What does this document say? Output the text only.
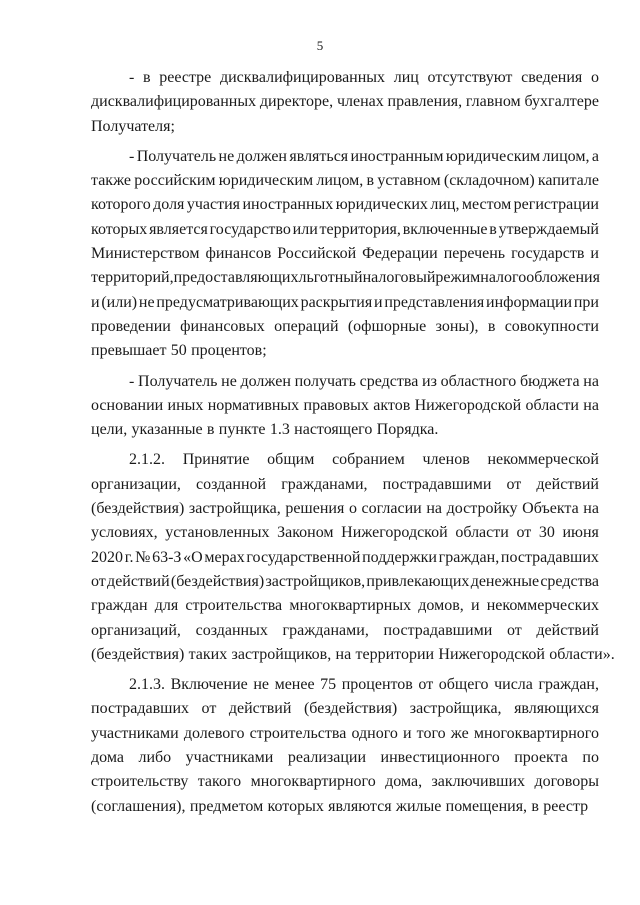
5
- в реестре дисквалифицированных лиц отсутствуют сведения о
дисквалифицированных директоре, членах правления, главном бухгалтере
Получателя;
- Получатель не должен являться иностранным юридическим лицом, а
также российским юридическим лицом, в уставном (складочном) капитале
которого доля участия иностранных юридических лиц, местом регистрации
которых является государство или территория, включенные в утверждаемый
Министерством финансов Российской Федерации перечень государств и
территорий, предоставляющих льготный налоговый режим налогообложения
и (или) не предусматривающих раскрытия и представления информации при
проведении финансовых операций (офшорные зоны), в совокупности
превышает 50 процентов;
- Получатель не должен получать средства из областного бюджета на
основании иных нормативных правовых актов Нижегородской области на
цели, указанные в пункте 1.3 настоящего Порядка.
2.1.2. Принятие общим собранием членов некоммерческой
организации, созданной гражданами, пострадавшими от действий
(бездействия) застройщика, решения о согласии на достройку Объекта на
условиях, установленных Законом Нижегородской области от 30 июня
2020 г. № 63-З «О мерах государственной поддержки граждан, пострадавших
от действий (бездействия) застройщиков, привлекающих денежные средства
граждан для строительства многоквартирных домов, и некоммерческих
организаций, созданных гражданами, пострадавшими от действий
(бездействия) таких застройщиков, на территории Нижегородской области».
2.1.3. Включение не менее 75 процентов от общего числа граждан,
пострадавших от действий (бездействия) застройщика, являющихся
участниками долевого строительства одного и того же многоквартирного
дома либо участниками реализации инвестиционного проекта по
строительству такого многоквартирного дома, заключивших договоры
(соглашения), предметом которых являются жилые помещения, в реестр
